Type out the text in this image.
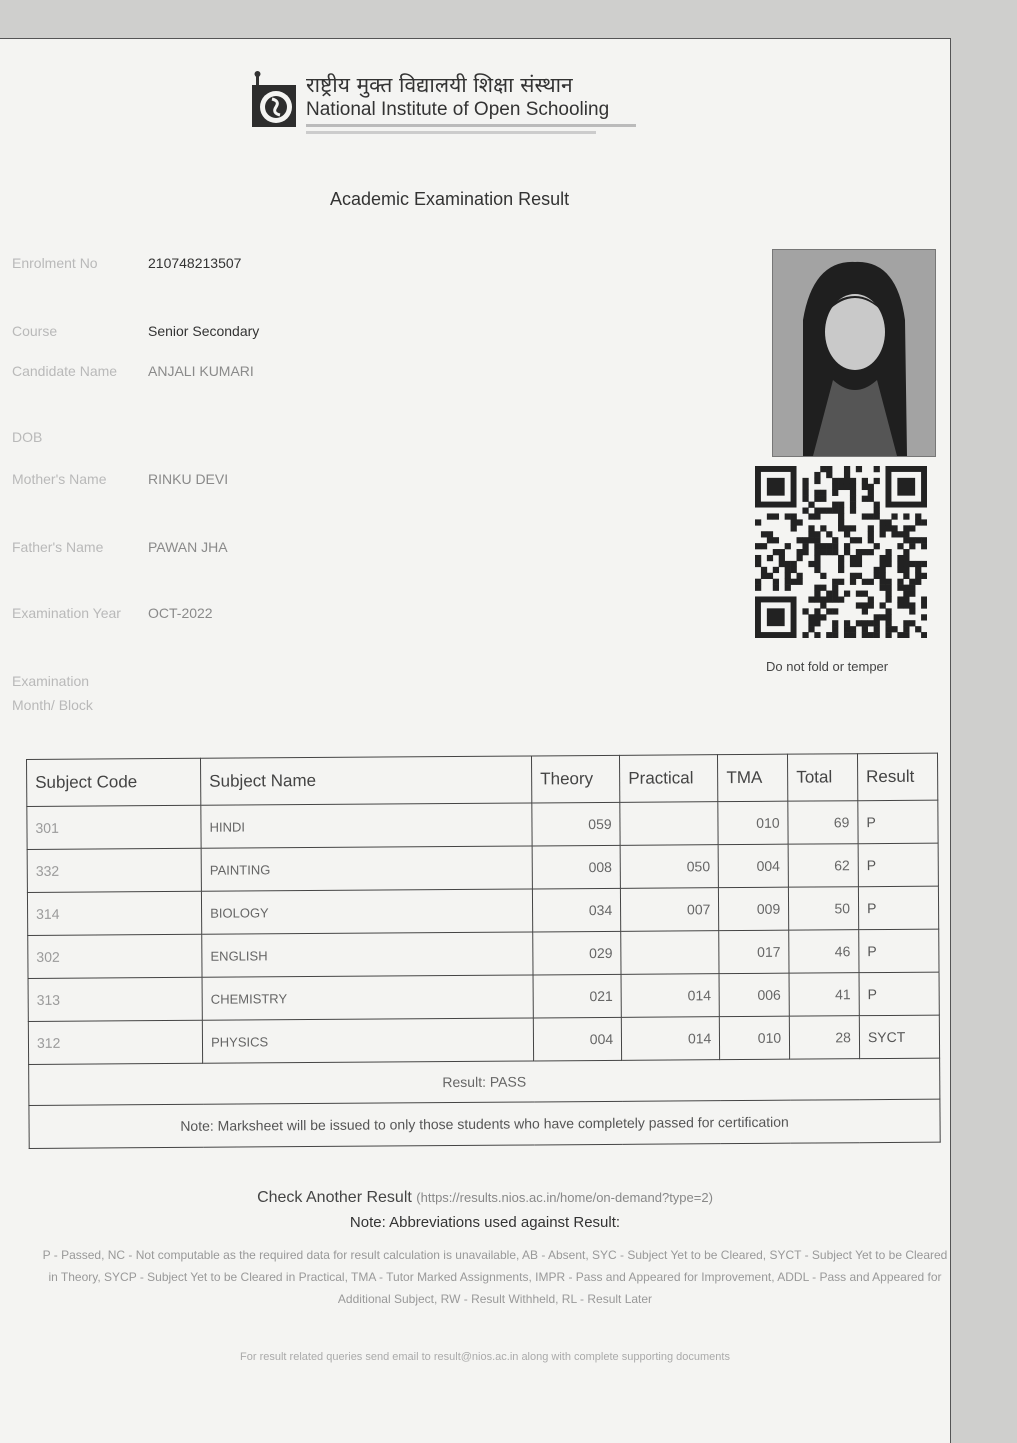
राष्ट्रीय मुक्त विद्यालयी शिक्षा संस्थान
National Institute of Open Schooling
Academic Examination Result
Enrolment No	210748213507
Course	Senior Secondary
Candidate Name	ANJALI KUMARI
DOB
Mother's Name	RINKU DEVI
Father's Name	PAWAN JHA
Examination Year	OCT-2022
Examination Month/ Block
Do not fold or temper
Subject Code	Subject Name	Theory	Practical	TMA	Total	Result
301	HINDI	059		010	69	P
332	PAINTING	008	050	004	62	P
314	BIOLOGY	034	007	009	50	P
302	ENGLISH	029		017	46	P
313	CHEMISTRY	021	014	006	41	P
312	PHYSICS	004	014	010	28	SYCT
Result: PASS						
Note: Marksheet will be issued to only those students who have completely passed for certification						
Check Another Result (https://results.nios.ac.in/home/on-demand?type=2)
Note: Abbreviations used against Result:
P - Passed, NC - Not computable as the required data for result calculation is unavailable, AB - Absent, SYC - Subject Yet to be Cleared, SYCT - Subject Yet to be Cleared in Theory, SYCP - Subject Yet to be Cleared in Practical, TMA - Tutor Marked Assignments, IMPR - Pass and Appeared for Improvement, ADDL - Pass and Appeared for Additional Subject, RW - Result Withheld, RL - Result Later
For result related queries send email to result@nios.ac.in along with complete supporting documents
